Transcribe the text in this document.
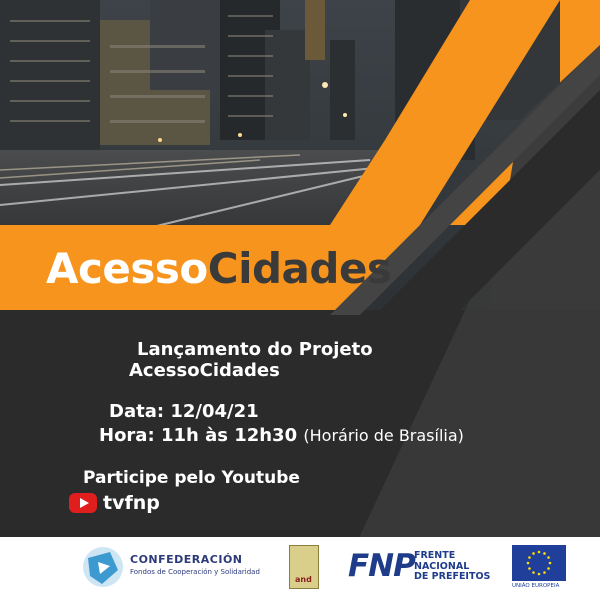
AcessoCidades
Lançamento do Projeto
AcessoCidades
Data: 12/04/21
Hora: 11h às 12h30 (Horário de Brasília)
Participe pelo Youtube
tvfnp
CONFEDERACIÓN
Fondos de Cooperación y Solidaridad
and FNP FRENTE
NACIONAL
DE PREFEITOS
UNIÃO EUROPEIA
